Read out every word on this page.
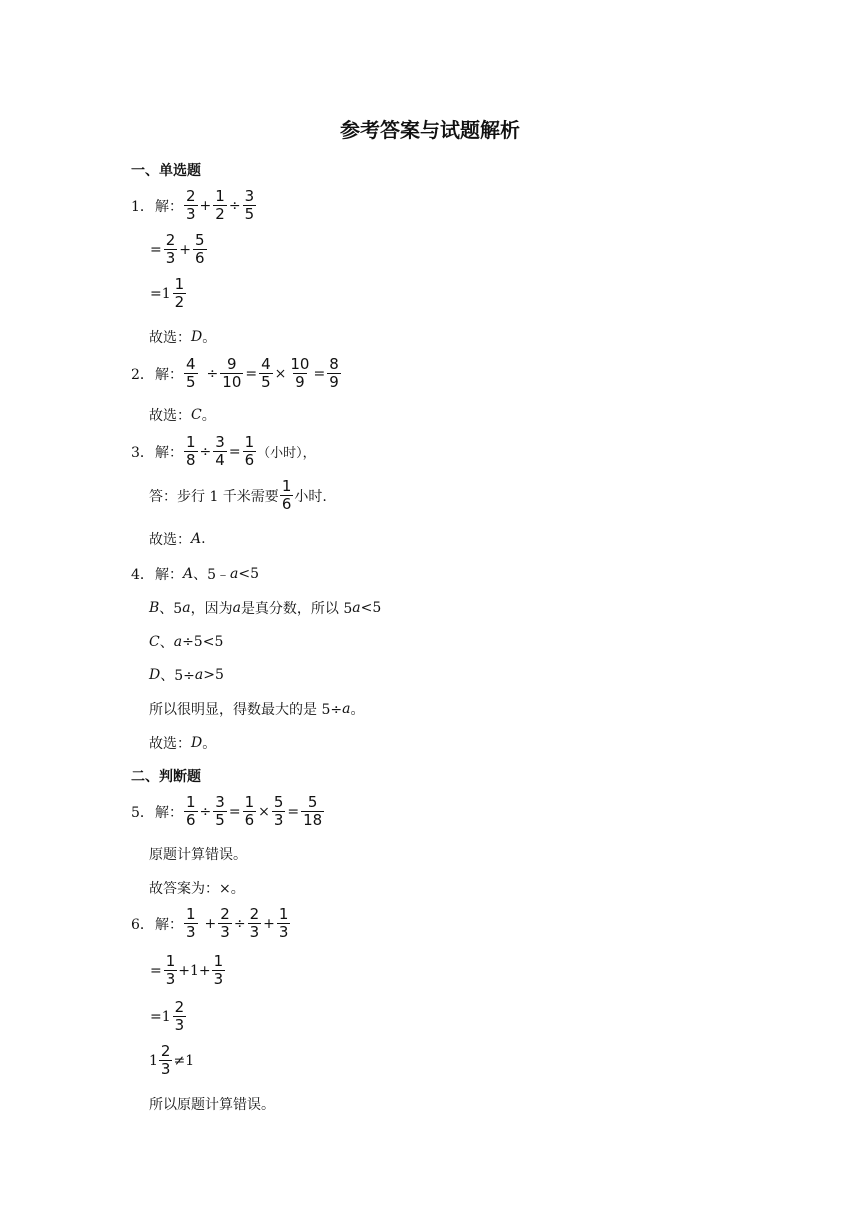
参考答案与试题解析
一、单选题
1． 解： $\frac{2}{3} + \frac{1}{2} \div \frac{3}{5}$
= $\frac{2}{3} + \frac{5}{6}$
$=1 \frac{1}{2}$
故选： D 。
2． 解： $\frac{4}{5} \div \frac{9}{10} = \frac{4}{5} \times \frac{10}{9} = \frac{8}{9}$
故选： C 。
3． 解： $\frac{1}{8} \div \frac{3}{4} = \frac{1}{6}$ （小时），
答：步行 1 千米需要 $\frac{1}{6}$ 小时.
故选： A .
4． 解： A 、5﹣ a <5
B 、5 a ，因为 a 是真分数，所以 5 a <5
C 、 a ÷5<5
D 、5÷ a >5
所以很明显，得数最大的是 5÷ a 。
故选： D 。
二、判断题
5． 解： $\frac{1}{6} \div \frac{3}{5} = \frac{1}{6} \times \frac{5}{3} = \frac{5}{18}$
原题计算错误。
故答案为：×。
6． 解： $\frac{1}{3} + \frac{2}{3} \div \frac{2}{3} + \frac{1}{3}$
= $\frac{1}{3} +1+ \frac{1}{3}$
$=1 \frac{2}{3}$
$1 \frac{2}{3} \ne 1$
所以原题计算错误。
